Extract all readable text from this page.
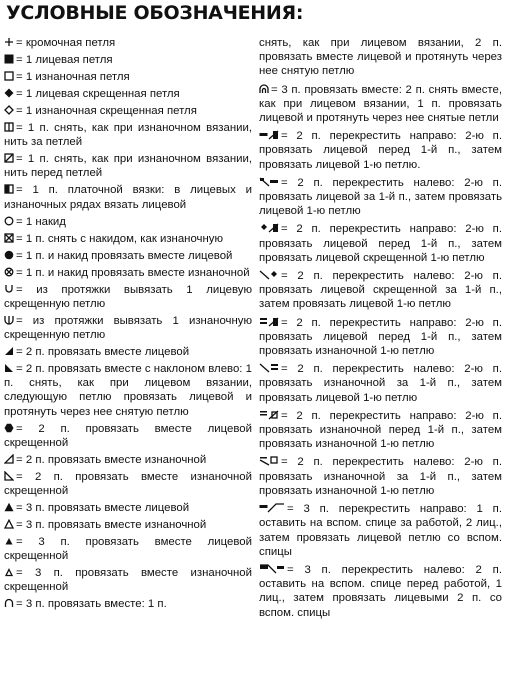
УСЛОВНЫЕ ОБОЗНАЧЕНИЯ:
= кромочная петля
= 1 лицевая петля
= 1 изнаночная петля
= 1 лицевая скрещенная петля
= 1 изнаночная скрещенная петля
= 1 п. снять, как при изнаночном вязании, нить за петлей
= 1 п. снять, как при изнаночном вязании, нить перед петлей
= 1 п. платочной вязки: в лицевых и изнаночных рядах вязать лицевой
= 1 накид
= 1 п. снять с накидом, как изнаночную
= 1 п. и накид провязать вместе лицевой
= 1 п. и накид провязать вместе изнаночной
= из протяжки вывязать 1 лицевую скрещенную петлю
= из протяжки вывязать 1 изнаночную скрещенную петлю
= 2 п. провязать вместе лицевой
= 2 п. провязать вместе с наклоном влево: 1 п. снять, как при лицевом вязании, следующую петлю провязать лицевой и протянуть через нее снятую петлю
= 2 п. провязать вместе лицевой скрещенной
= 2 п. провязать вместе изнаночной
= 2 п. провязать вместе изнаночной скрещенной
= 3 п. провязать вместе лицевой
= 3 п. провязать вместе изнаночной
= 3 п. провязать вместе лицевой скрещенной
= 3 п. провязать вместе изнаночной скрещенной
= 3 п. провязать вместе: 1 п.
снять, как при лицевом вязании, 2 п. провязать вместе лицевой и протянуть через нее снятую петлю
= 3 п. провязать вместе: 2 п. снять вместе, как при лицевом вязании, 1 п. провязать лицевой и протянуть через нее снятые петли
= 2 п. перекрестить направо: 2-ю п. провязать лицевой перед 1-й п., затем провязать лицевой 1-ю петлю.
= 2 п. перекрестить налево: 2-ю п. провязать лицевой за 1-й п., затем провязать лицевой 1-ю петлю
= 2 п. перекрестить направо: 2-ю п. провязать лицевой перед 1-й п., затем провязать лицевой скрещенной 1-ю петлю
= 2 п. перекрестить налево: 2-ю п. провязать лицевой скрещенной за 1-й п., затем провязать лицевой 1-ю петлю
= 2 п. перекрестить направо: 2-ю п. провязать лицевой перед 1-й п., затем провязать изнаночной 1-ю петлю
= 2 п. перекрестить налево: 2-ю п. провязать изнаночной за 1-й п., затем провязать лицевой 1-ю петлю
= 2 п. перекрестить направо: 2-ю п. провязать изнаночной перед 1-й п., затем провязать изнаночной 1-ю петлю
= 2 п. перекрестить налево: 2-ю п. провязать изнаночной за 1-й п., затем провязать изнаночной 1-ю петлю
= 3 п. перекрестить направо: 1 п. оставить на вспом. спице за работой, 2 лиц., затем провязать лицевой петлю со вспом. спицы
= 3 п. перекрестить налево: 2 п. оставить на вспом. спице перед работой, 1 лиц., затем провязать лицевыми 2 п. со вспом. спицы
